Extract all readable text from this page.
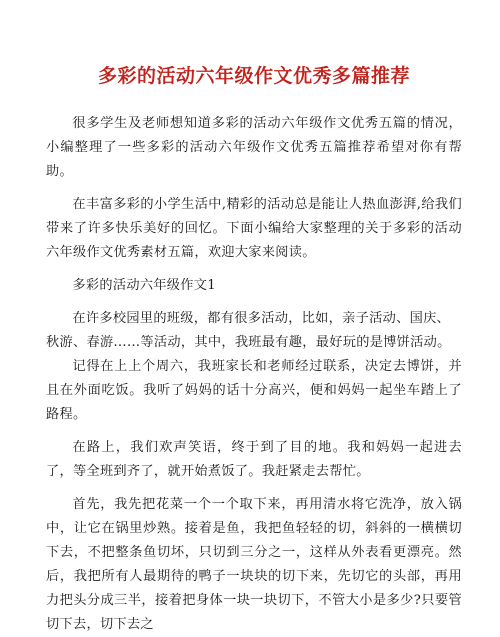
多彩的活动六年级作文优秀多篇推荐

很多学生及老师想知道多彩的活动六年级作文优秀五篇的情况，小编整理了一些多彩的活动六年级作文优秀五篇推荐希望对你有帮助。

在丰富多彩的小学生活中,精彩的活动总是能让人热血澎湃,给我们带来了许多快乐美好的回忆。下面小编给大家整理的关于多彩的活动六年级作文优秀素材五篇，欢迎大家来阅读。

多彩的活动六年级作文1

在许多校园里的班级，都有很多活动，比如，亲子活动、国庆、秋游、春游……等活动，其中，我班最有趣，最好玩的是博饼活动。

记得在上上个周六，我班家长和老师经过联系，决定去博饼，并且在外面吃饭。我听了妈妈的话十分高兴，便和妈妈一起坐车踏上了路程。

在路上，我们欢声笑语，终于到了目的地。我和妈妈一起进去了，等全班到齐了，就开始煮饭了。我赶紧走去帮忙。

首先，我先把花菜一个一个取下来，再用清水将它洗净，放入锅中，让它在锅里炒熟。接着是鱼，我把鱼轻轻的切，斜斜的一横横切下去，不把整条鱼切坏，只切到三分之一，这样从外表看更漂亮。然后，我把所有人最期待的鸭子一块块的切下来，先切它的头部，再用力把头分成三半，接着把身体一块一块切下，不管大小是多少?只要管切下去，切下去之
